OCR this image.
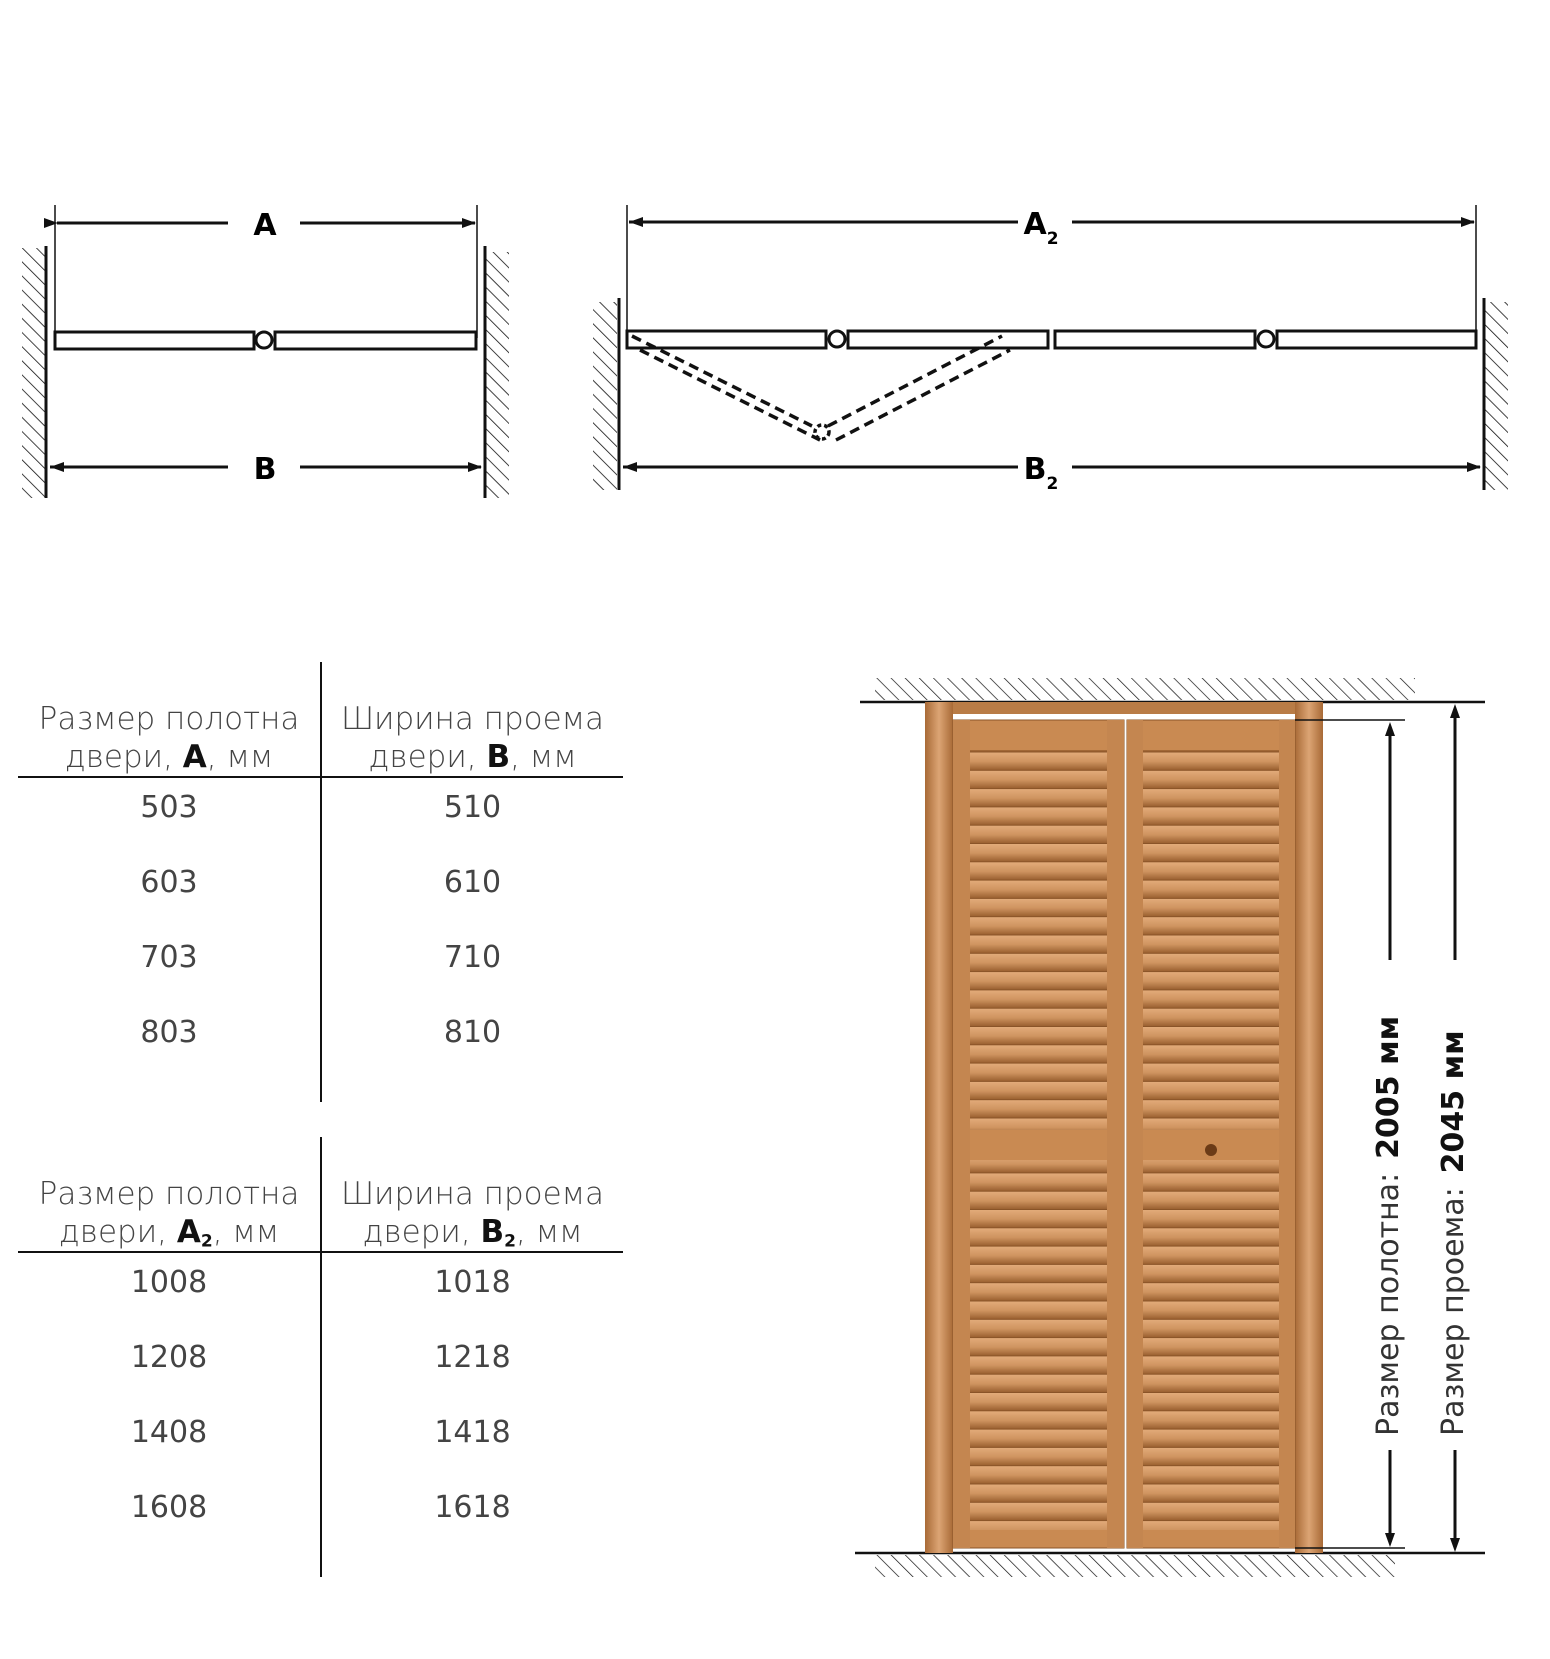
A
B
$A_2$
$B_2$
Размер полотна
двери, A, мм
Ширина проема
двери, B, мм
503	510
603	610
703	710
803	810
Размер полотна
двери, $A_2$, мм
Ширина проема
двери, $B_2$, мм
1008	1018
1208	1218
1408	1418
1608	1618
Размер полотна:2005 мм
Размер проема:2045 мм
